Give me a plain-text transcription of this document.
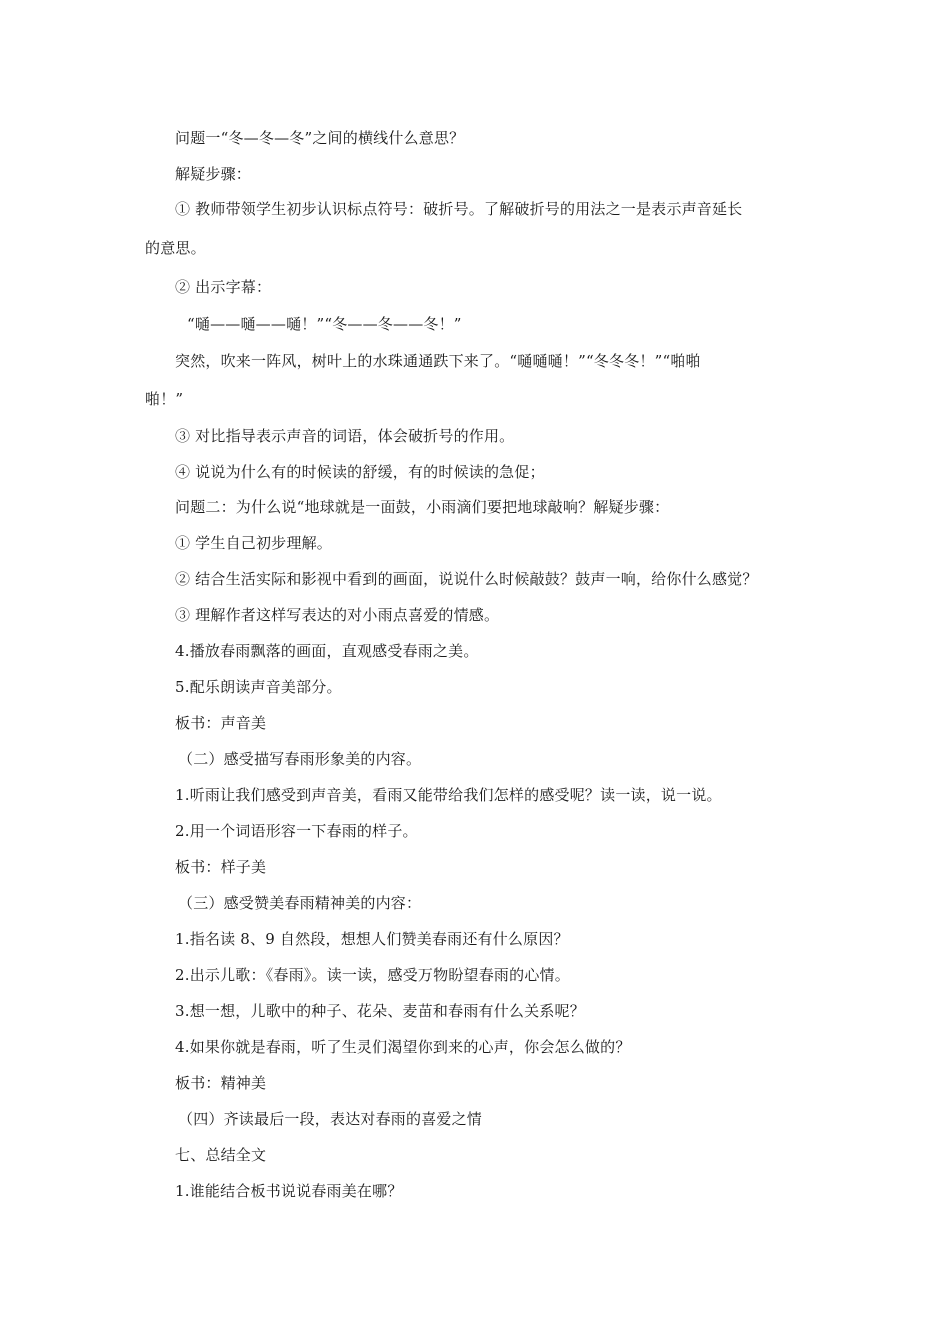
问题一“冬—冬—冬”之间的横线什么意思？
解疑步骤：
① 教师带领学生初步认识标点符号：破折号。了解破折号的用法之一是表示声音延长
的意思。
② 出示字幕：
“嗵——嗵——嗵！”“冬——冬——冬！”
突然，吹来一阵风，树叶上的水珠通通跌下来了。“嗵嗵嗵！”“冬冬冬！”“啪啪
啪！”
③ 对比指导表示声音的词语，体会破折号的作用。
④ 说说为什么有的时候读的舒缓，有的时候读的急促；
问题二：为什么说“地球就是一面鼓，小雨滴们要把地球敲响？解疑步骤：
① 学生自己初步理解。
② 结合生活实际和影视中看到的画面，说说什么时候敲鼓？鼓声一响，给你什么感觉？
③ 理解作者这样写表达的对小雨点喜爱的情感。
4.播放春雨飘落的画面，直观感受春雨之美。
5.配乐朗读声音美部分。
板书：声音美
（二）感受描写春雨形象美的内容。
1.听雨让我们感受到声音美，看雨又能带给我们怎样的感受呢？读一读，说一说。
2.用一个词语形容一下春雨的样子。
板书：样子美
（三）感受赞美春雨精神美的内容：
1.指名读 8、9 自然段，想想人们赞美春雨还有什么原因？
2.出示儿歌：《春雨》。读一读，感受万物盼望春雨的心情。
3.想一想，儿歌中的种子、花朵、麦苗和春雨有什么关系呢？
4.如果你就是春雨，听了生灵们渴望你到来的心声，你会怎么做的？
板书：精神美
（四）齐读最后一段，表达对春雨的喜爱之情
七、总结全文
1.谁能结合板书说说春雨美在哪？
